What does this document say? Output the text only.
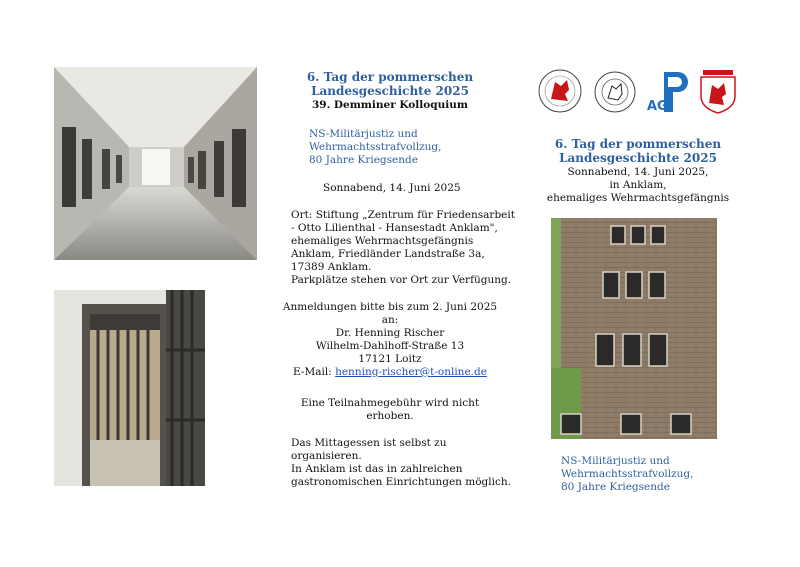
6. Tag der pommerschen
Landesgeschichte 2025
39. Demminer Kolloquium
NS-Militärjustiz und
Wehrmachtsstrafvollzug,
80 Jahre Kriegsende
Sonnabend, 14. Juni 2025
Ort: Stiftung „Zentrum für Friedensarbeit
- Otto Lilienthal - Hansestadt Anklam",
ehemaliges Wehrmachtsgefängnis
Anklam, Friedländer Landstraße 3a,
17389 Anklam.
Parkplätze stehen vor Ort zur Verfügung.
Anmeldungen bitte bis zum 2. Juni 2025
an:
Dr. Henning Rischer
Wilhelm-Dahlhoff-Straße 13
17121 Loitz
E-Mail: henning-rischer@t-online.de
Eine Teilnahmegebühr wird nicht
erhoben.
Das Mittagessen ist selbst zu
organisieren.
In Anklam ist das in zahlreichen
gastronomischen Einrichtungen möglich.
AG
6. Tag der pommerschen
Landesgeschichte 2025
Sonnabend, 14. Juni 2025,
in Anklam,
ehemaliges Wehrmachtsgefängnis
NS-Militärjustiz und
Wehrmachtsstrafvollzug,
80 Jahre Kriegsende
